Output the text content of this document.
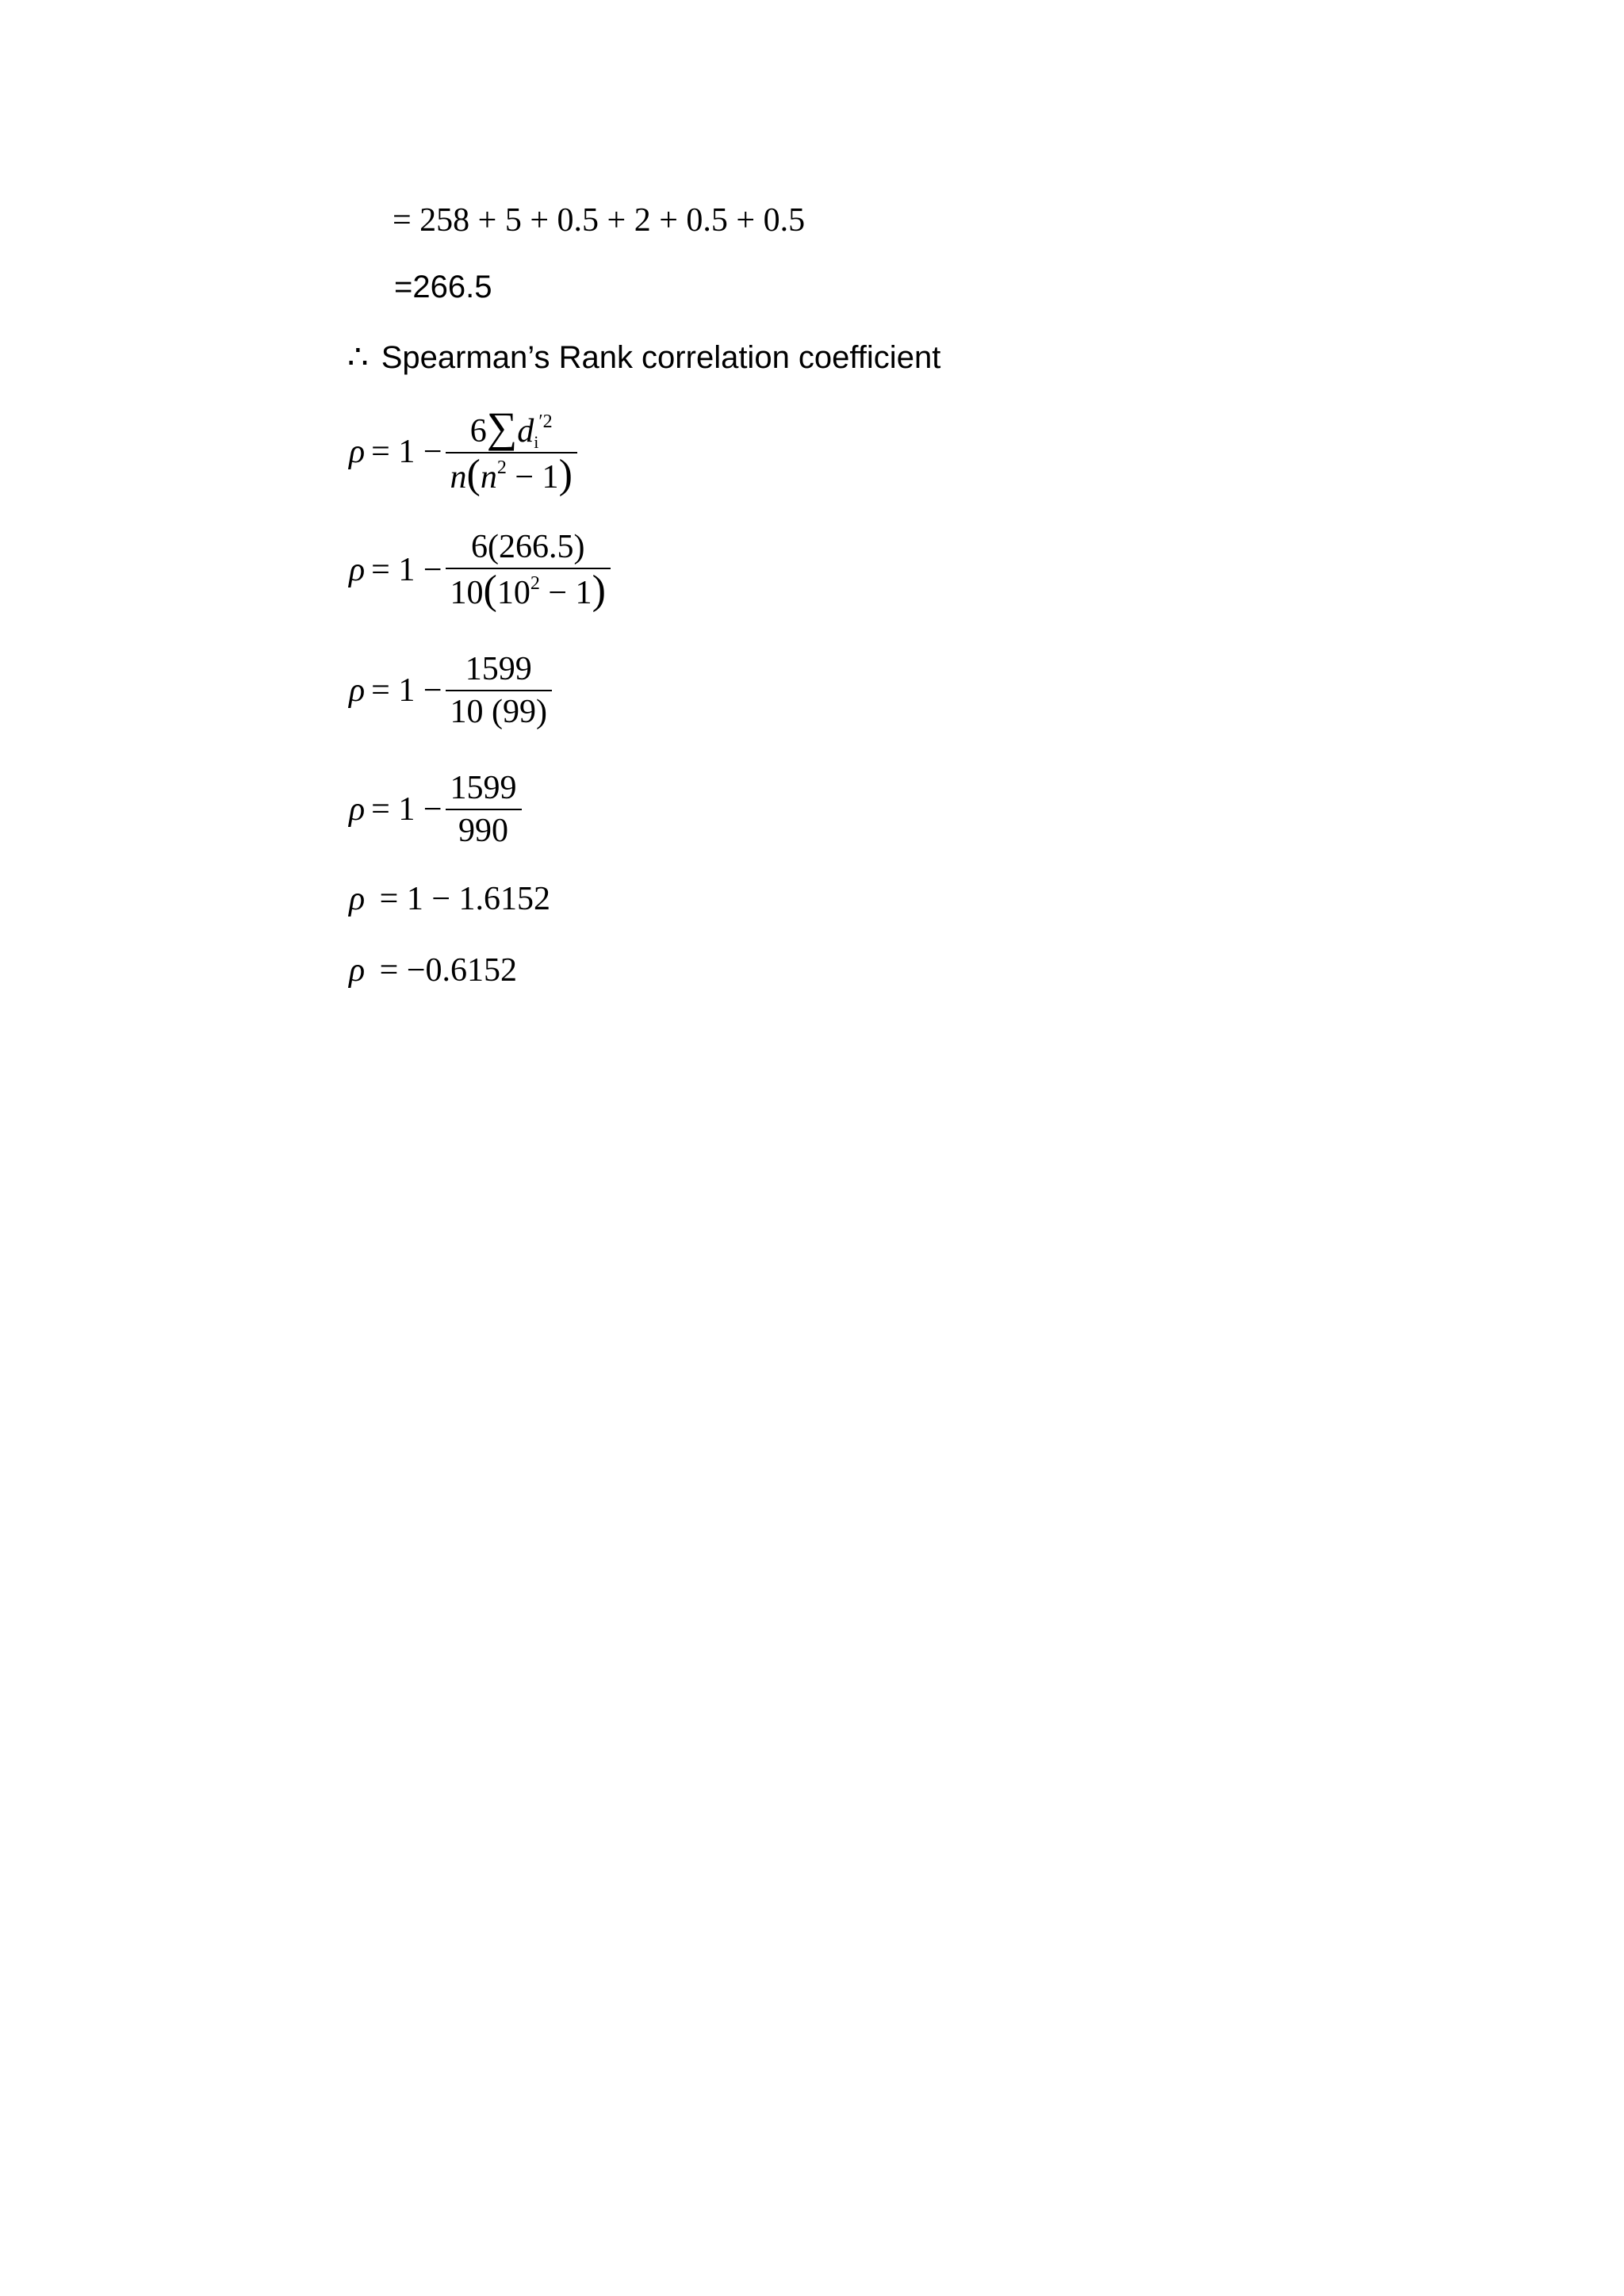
= 258 + 5 + 0.5 + 2 + 0.5 + 0.5
=266.5
∴ Spearman’s Rank correlation coefficient
$\rho = 1 - \frac{6\sum di^{'2}}{n(n^2 - 1)}$
$\rho = 1 - \frac{6(266.5)}{10(10^2 - 1)}$
$\rho = 1 - \frac{1599}{10 (99)}$
$\rho = 1 - \frac{1599}{990}$
ρ = 1 − 1.6152
ρ = −0.6152
